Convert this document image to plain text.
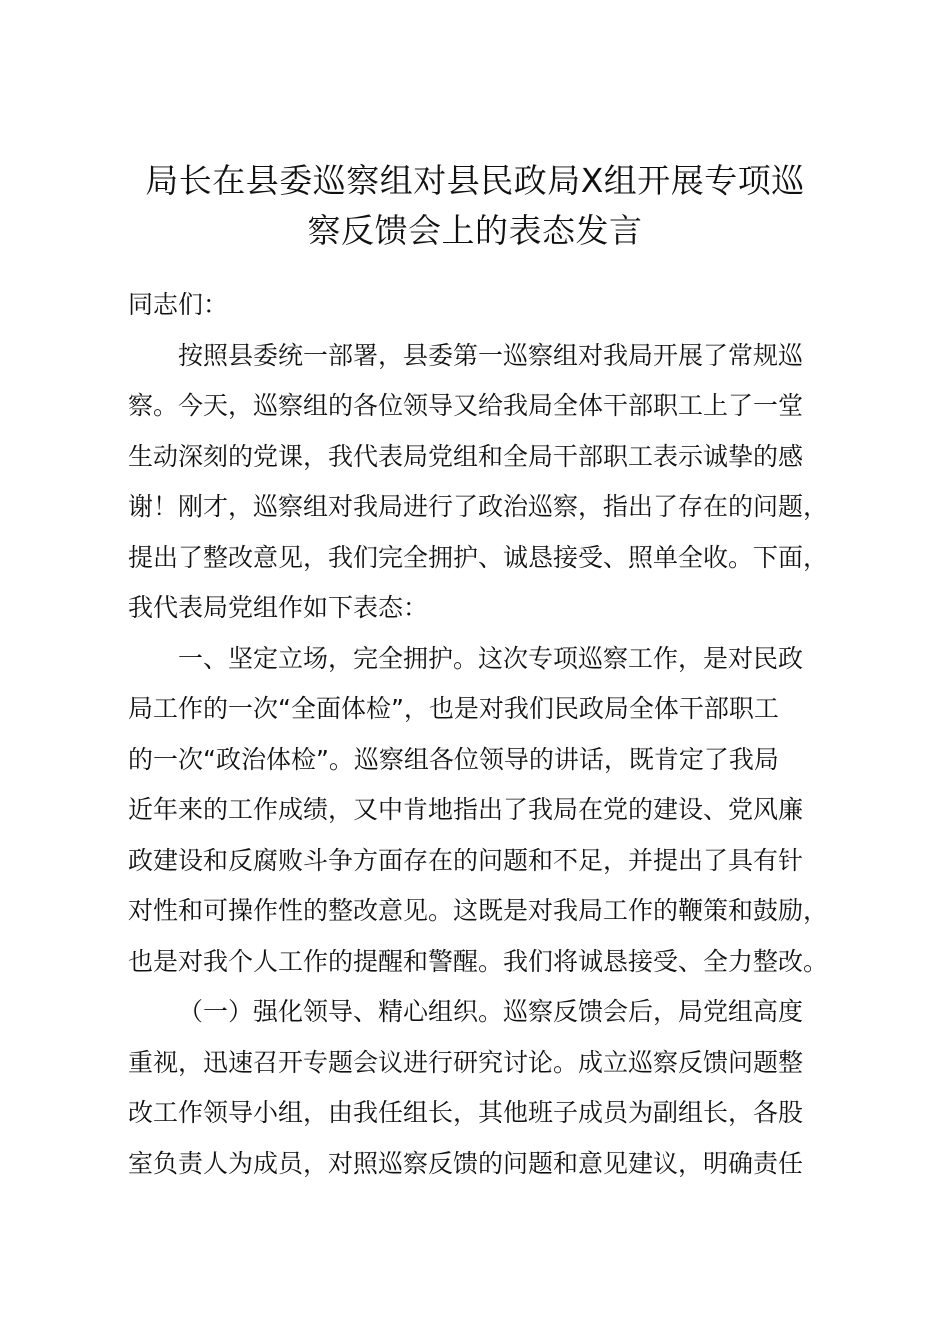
局长在县委巡察组对县民政局X组开展专项巡
察反馈会上的表态发言

同志们：

按照县委统一部署，县委第一巡察组对我局开展了常规巡
察。今天，巡察组的各位领导又给我局全体干部职工上了一堂
生动深刻的党课，我代表局党组和全局干部职工表示诚挚的感
谢！刚才，巡察组对我局进行了政治巡察，指出了存在的问题，
提出了整改意见，我们完全拥护、诚恳接受、照单全收。下面，
我代表局党组作如下表态：
一、坚定立场，完全拥护。这次专项巡察工作，是对民政
局工作的一次“全面体检”，也是对我们民政局全体干部职工
的一次“政治体检”。巡察组各位领导的讲话，既肯定了我局
近年来的工作成绩，又中肯地指出了我局在党的建设、党风廉
政建设和反腐败斗争方面存在的问题和不足，并提出了具有针
对性和可操作性的整改意见。这既是对我局工作的鞭策和鼓励，
也是对我个人工作的提醒和警醒。我们将诚恳接受、全力整改。
（一）强化领导、精心组织。巡察反馈会后，局党组高度
重视，迅速召开专题会议进行研究讨论。成立巡察反馈问题整
改工作领导小组，由我任组长，其他班子成员为副组长，各股
室负责人为成员，对照巡察反馈的问题和意见建议，明确责任
